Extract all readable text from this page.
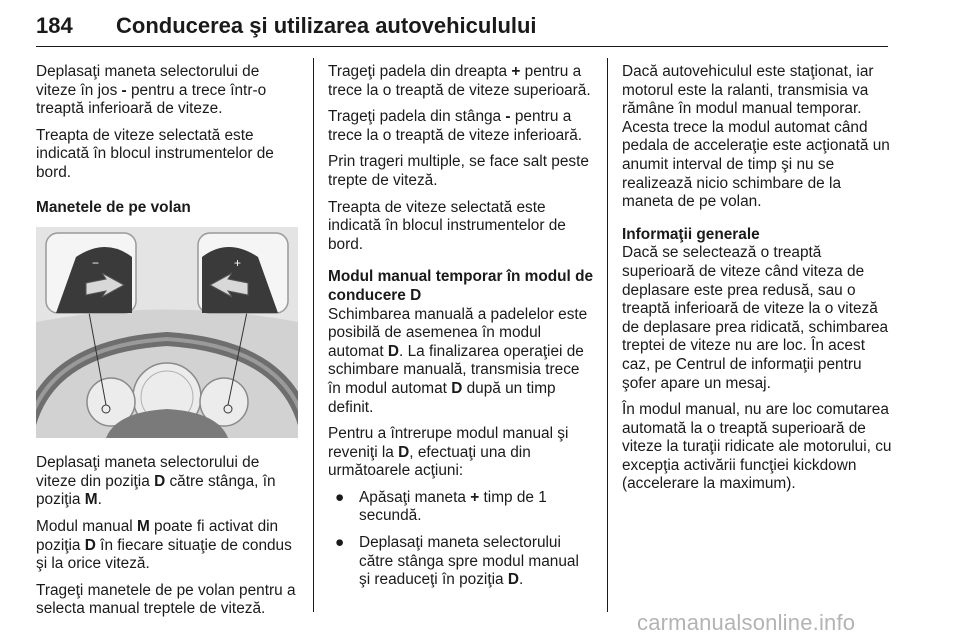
184 Conducerea şi utilizarea autovehiculului

Deplasaţi maneta selectorului de viteze în jos - pentru a trece într-o treaptă inferioară de viteze.

Treapta de viteze selectată este indicată în blocul instrumentelor de bord.

Manetele de pe volan

−	+

Deplasaţi maneta selectorului de viteze din poziţia D către stânga, în poziţia M.

Modul manual M poate fi activat din poziţia D în fiecare situaţie de condus şi la orice viteză.

Trageţi manetele de pe volan pentru a selecta manual treptele de viteză.

Trageţi padela din dreapta + pentru a trece la o treaptă de viteze superioară.

Trageţi padela din stânga - pentru a trece la o treaptă de viteze inferioară.

Prin trageri multiple, se face salt peste trepte de viteză.

Treapta de viteze selectată este indicată în blocul instrumentelor de bord.

Modul manual temporar în modul de conducere D

Schimbarea manuală a padelelor este posibilă de asemenea în modul automat D. La finalizarea operaţiei de schimbare manuală, transmisia trece în modul automat D după un timp definit.

Pentru a întrerupe modul manual şi reveniţi la D, efectuaţi una din următoarele acţiuni:

● Apăsaţi maneta + timp de 1 secundă.
● Deplasaţi maneta selectorului către stânga spre modul manual şi readuceţi în poziţia D.

Dacă autovehiculul este staţionat, iar motorul este la ralanti, transmisia va rămâne în modul manual temporar. Acesta trece la modul automat când pedala de acceleraţie este acţionată un anumit interval de timp şi nu se realizează nicio schimbare de la maneta de pe volan.

Informaţii generale

Dacă se selectează o treaptă superioară de viteze când viteza de deplasare este prea redusă, sau o treaptă inferioară de viteze la o viteză de deplasare prea ridicată, schimbarea treptei de viteze nu are loc. În acest caz, pe Centrul de informaţii pentru şofer apare un mesaj.

În modul manual, nu are loc comutarea automată la o treaptă superioară de viteze la turaţii ridicate ale motorului, cu excepţia activării funcţiei kickdown (accelerare la maximum).

carmanualsonline.info
